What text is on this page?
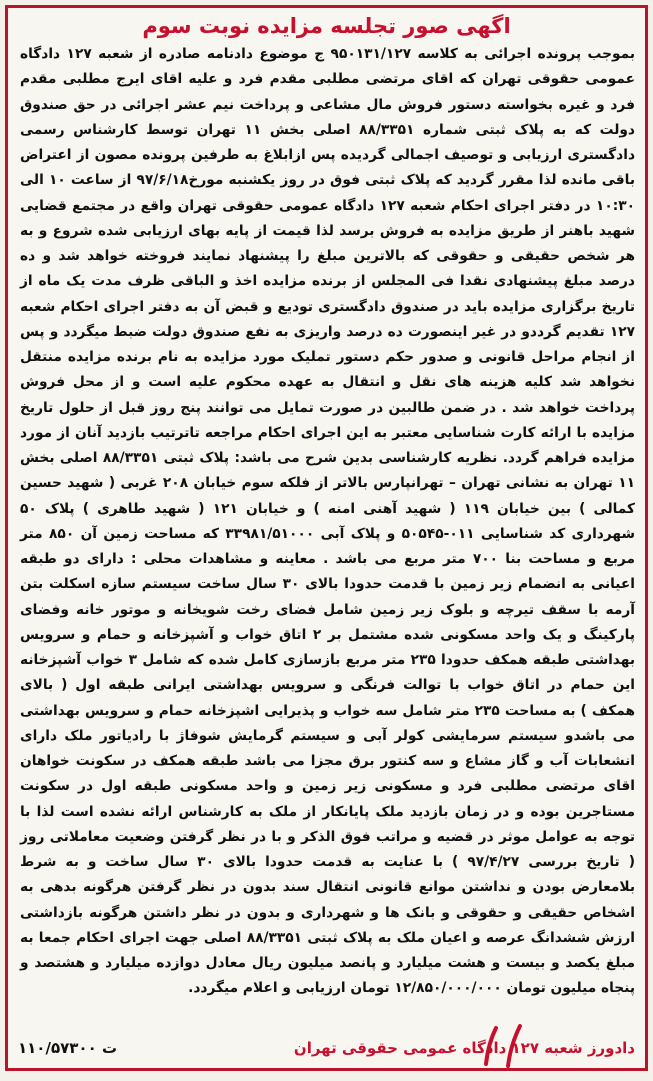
اگهی صور تجلسه مزایده نوبت سوم

بموجب پرونده اجرائی به کلاسه ۹۵۰۱۳۱/۱۲۷ ج موضوع دادنامه صادره از شعبه ۱۲۷ دادگاه عمومی حقوقی تهران که اقای مرتضی مطلبی مقدم فرد و علیه اقای ایرج مطلبی مقدم فرد و غیره بخواسته دستور فروش مال مشاعی و پرداخت نیم عشر اجرائی در حق صندوق دولت که به پلاک ثبتی شماره ۸۸/۳۳۵۱ اصلی بخش ۱۱ تهران توسط کارشناس رسمی دادگستری ارزیابی و توصیف اجمالی گردیده پس ازابلاغ به طرفین پرونده مصون از اعتراض باقی مانده لذا مقرر گردید که پلاک ثبتی فوق در روز یکشنبه مورخ۹۷/۶/۱۸ از ساعت ۱۰ الی ۱۰:۳۰ در دفتر اجرای احکام شعبه ۱۲۷ دادگاه عمومی حقوقی تهران واقع در مجتمع قضایی شهید باهنر از طریق مزایده به فروش برسد لذا قیمت از پایه بهای ارزیابی شده شروع و به هر شخص حقیقی و حقوقی که بالاترین مبلغ را پیشنهاد نمایند فروخته خواهد شد و ده درصد مبلغ پیشنهادی نقدا فی المجلس از برنده مزایده اخذ و الباقی ظرف مدت یک ماه از تاریخ برگزاری مزایده باید در صندوق دادگستری تودیع و قبض آن به دفتر اجرای احکام شعبه ۱۲۷ تقدیم گرددو در غیر اینصورت ده درصد واریزی به نفع صندوق دولت ضبط میگردد و پس از انجام مراحل قانونی و صدور حکم دستور تملیک مورد مزایده به نام برنده مزایده منتقل نخواهد شد کلیه هزینه های نقل و انتقال به عهده محکوم علیه است و از محل فروش پرداخت خواهد شد . در ضمن طالبین در صورت تمایل می توانند پنج روز قبل از حلول تاریخ مزایده با ارائه کارت شناسایی معتبر به این اجرای احکام مراجعه تاترتیب بازدید آنان از مورد مزایده فراهم گردد. نظریه کارشناسی بدین شرح می باشد: پلاک ثبتی ۸۸/۳۳۵۱ اصلی بخش ۱۱ تهران به نشانی تهران – تهرانپارس بالاتر از فلکه سوم خیابان ۲۰۸ غربی ( شهید حسین کمالی ) بین خیابان ۱۱۹ ( شهید آهنی امنه ) و خیابان ۱۲۱ ( شهید طاهری ) پلاک ۵۰ شهرداری کد شناسایی ۰۱۱-۵۰۵۴۵ و پلاک آبی ۳۳۹۸۱/۵۱۰۰۰ که مساحت زمین آن ۸۵۰ متر مربع و مساحت بنا ۷۰۰ متر مربع می باشد . معاینه و مشاهدات محلی : دارای دو طبقه اعیانی به انضمام زیر زمین با قدمت حدودا بالای ۳۰ سال ساخت سیستم سازه اسکلت بتن آرمه با سقف تیرچه و بلوک زیر زمین شامل فضای رخت شویخانه و موتور خانه وفضای پارکینگ و یک واحد مسکونی شده مشتمل بر ۲ اتاق خواب و آشپزخانه و حمام و سرویس بهداشتی طبقه همکف حدودا ۲۳۵ متر مربع بازسازی کامل شده که شامل ۳ خواب آشپزخانه این حمام در اتاق خواب با توالت فرنگی و سرویس بهداشتی ایرانی طبقه اول ( بالای همکف ) به مساحت ۲۳۵ متر شامل سه خواب و پذیرایی اشپزخانه حمام و سرویس بهداشتی می باشدو سیستم سرمایشی کولر آبی و سیستم گرمایش شوفاژ با رادیاتور ملک دارای انشعابات آب و گاز مشاع و سه کنتور برق مجزا می باشد طبقه همکف در سکونت خواهان اقای مرتضی مطلبی فرد و مسکونی زیر زمین و واحد مسکونی طبقه اول در سکونت مستاجرین بوده و در زمان بازدید ملک پایانکار از ملک به کارشناس ارائه نشده است لذا با توجه به عوامل موثر در قضیه و مراتب فوق الذکر و با در نظر گرفتن وضعیت معاملاتی روز ( تاریخ بررسی ۹۷/۴/۲۷ ) با عنایت به قدمت حدودا بالای ۳۰ سال ساخت و به شرط بلامعارض بودن و نداشتن موانع قانونی انتقال سند بدون در نظر گرفتن هرگونه بدهی به اشخاص حقیقی و حقوقی و بانک ها و شهرداری و بدون در نظر داشتن هرگونه بازداشتی ارزش ششدانگ عرصه و اعیان ملک به پلاک ثبتی ۸۸/۳۳۵۱ اصلی جهت اجرای احکام جمعا به مبلغ یکصد و بیست و هشت میلیارد و پانصد میلیون ریال معادل دوازده میلیارد و هشتصد و پنجاه میلیون تومان ۱۲/۸۵۰/۰۰۰/۰۰۰ تومان ارزیابی و اعلام میگردد.

دادورز شعبه ۱۲۷ دادگاه عمومی حقوقی تهران
۱۱۰/۵۷۳۰۰ ت
